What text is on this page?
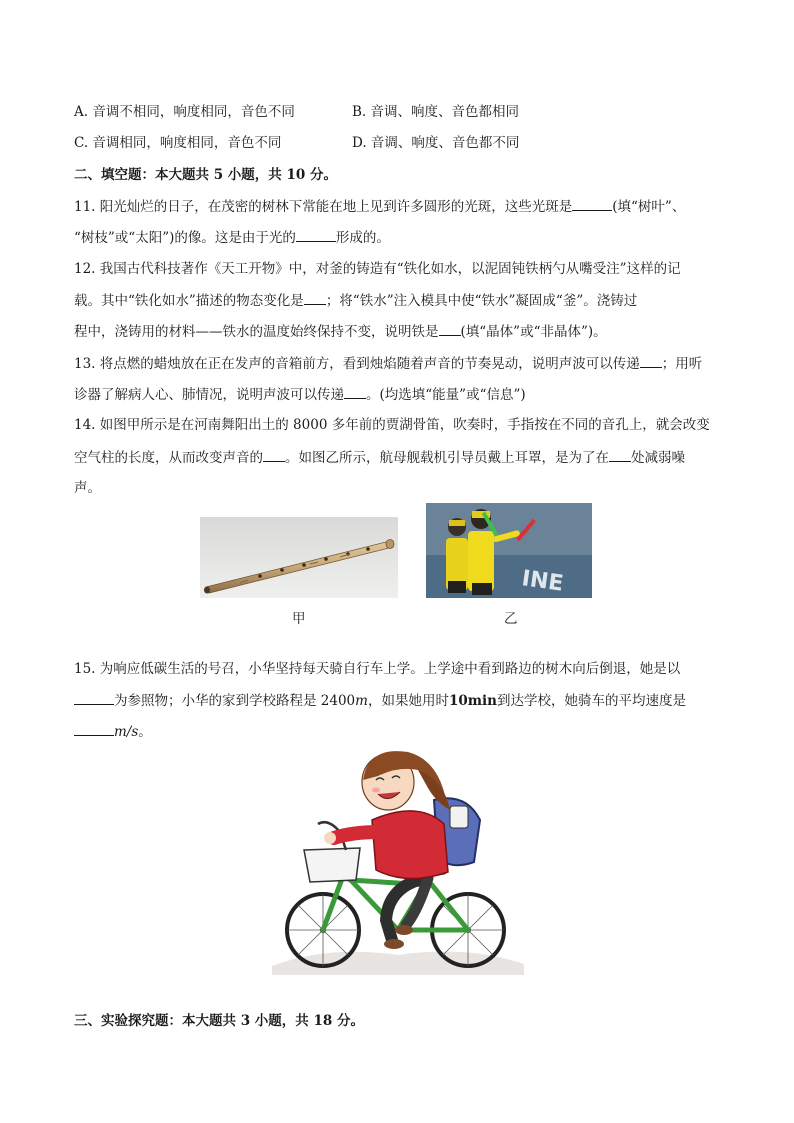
A. 音调不相同，响度相同，音色不同	B. 音调、响度、音色都相同
C. 音调相同，响度相同，音色不同	D. 音调、响度、音色都不同
二、填空题：本大题共 5 小题，共 10 分。
11. 阳光灿烂的日子，在茂密的树林下常能在地上见到许多圆形的光斑，这些光斑是	(填“树叶”、
“树枝”或“太阳”)的像。这是由于光的	形成的。
12. 我国古代科技著作《天工开物》中，对釜的铸造有“铁化如水，以泥固钝铁柄勺从嘴受注”这样的记
载。其中“铁化如水”描述的物态变化是 ；将“铁水”注入模具中使“铁水”凝固成“釜”。浇铸过
程中，浇铸用的材料——铁水的温度始终保持不变，说明铁是 (填“晶体”或“非晶体”)。
13. 将点燃的蜡烛放在正在发声的音箱前方，看到烛焰随着声音的节奏晃动，说明声波可以传递 ；用听
诊器了解病人心、肺情况，说明声波可以传递 。(均选填“能量”或“信息”)
14. 如图甲所示是在河南舞阳出土的 8000 多年前的贾湖骨笛，吹奏时，手指按在不同的音孔上，就会改变
空气柱的长度，从而改变声音的 。如图乙所示，航母舰载机引导员戴上耳罩，是为了在 处减弱噪
声。
甲
INE
乙
15. 为响应低碳生活的号召，小华坚持每天骑自行车上学。上学途中看到路边的树木向后倒退，她是以
为参照物；小华的家到学校路程是 2400m，如果她用时10min到达学校，她骑车的平均速度是
m/s。
三、实验探究题：本大题共 3 小题，共 18 分。
